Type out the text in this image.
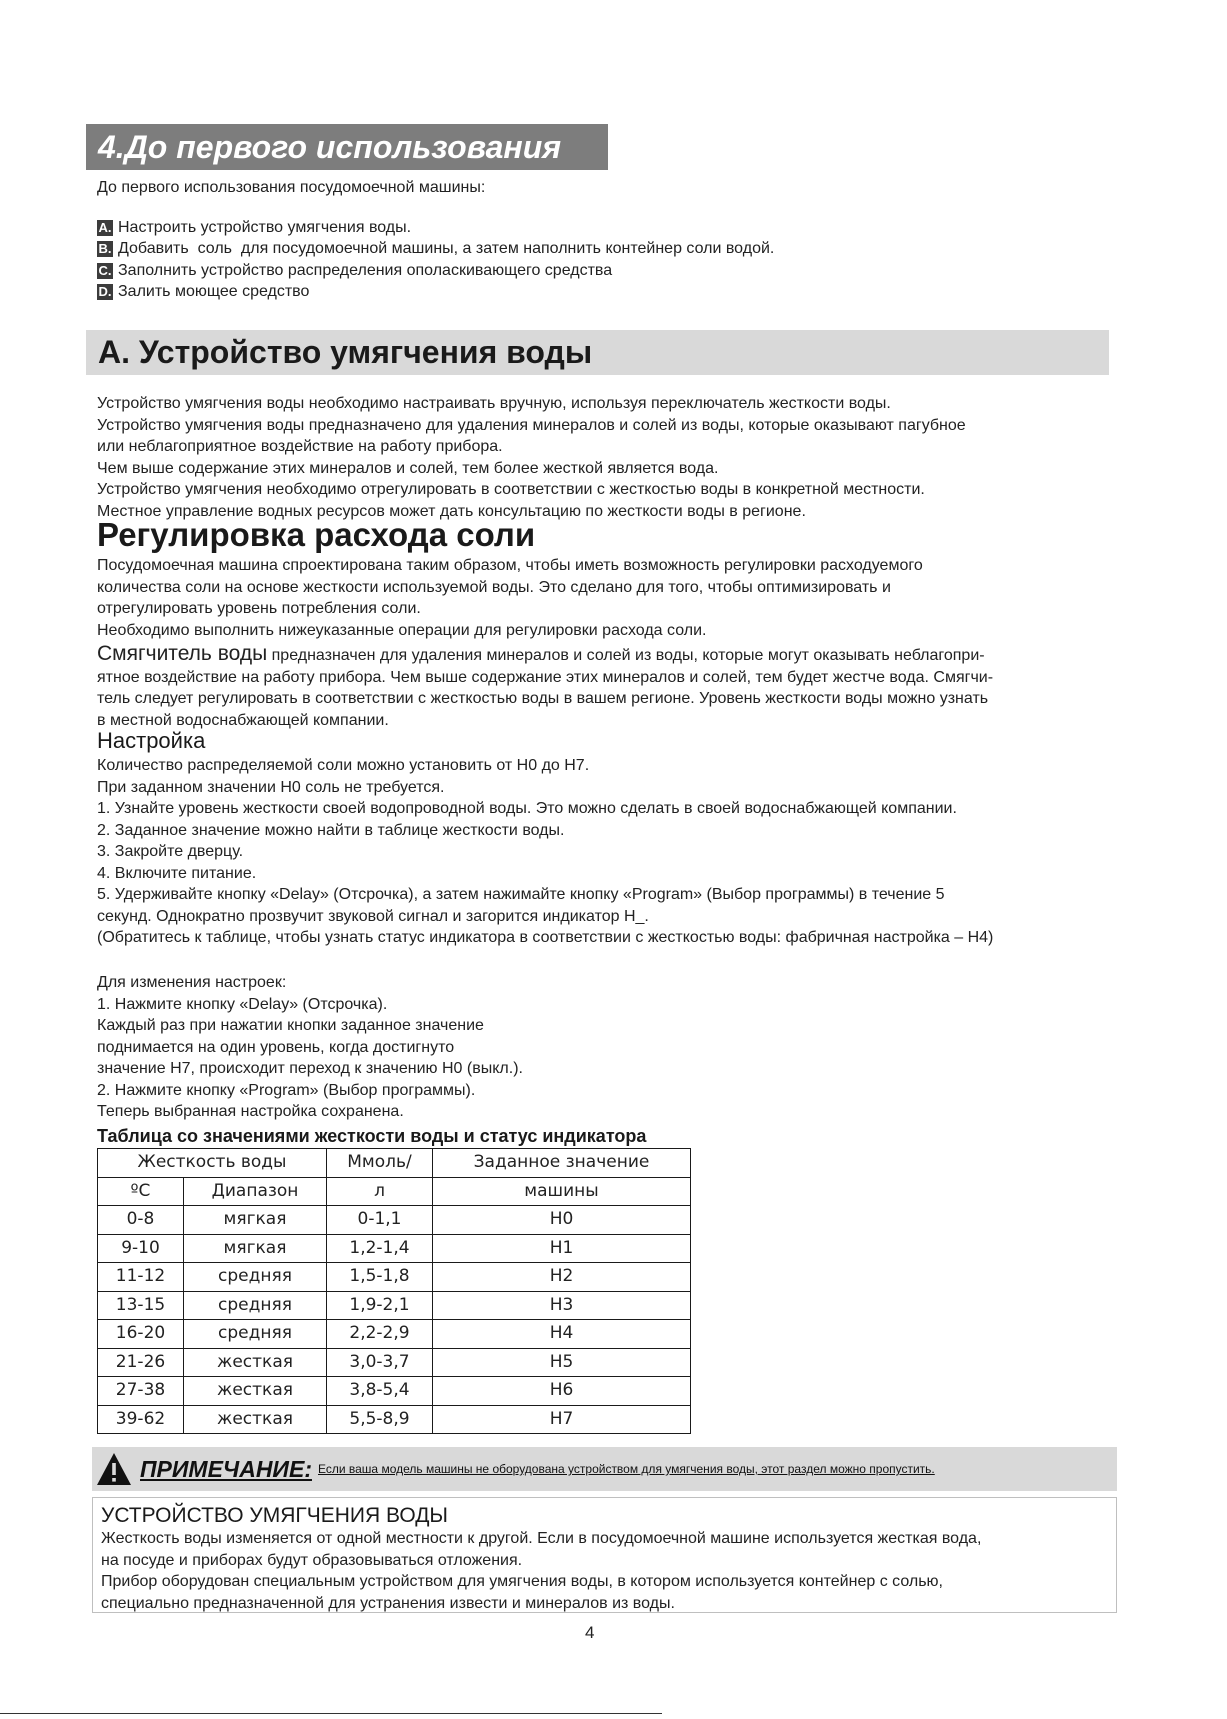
4.До первого использования
До первого использования посудомоечной машины:
A. Настроить устройство умягчения воды.
B. Добавить  соль  для посудомоечной машины, а затем наполнить контейнер соли водой.
C. Заполнить устройство распределения ополаскивающего средства
D. Залить моющее средство
А. Устройство умягчения воды

Устройство умягчения воды необходимо настраивать вручную, используя переключатель жесткости воды.

Устройство умягчения воды предназначено для удаления минералов и солей из воды, которые оказывают пагубное

или неблагоприятное воздействие на работу прибора.

Чем выше содержание этих минералов и солей, тем более жесткой является вода.

Устройство умягчения необходимо отрегулировать в соответствии с жесткостью воды в конкретной местности.

Местное управление водных ресурсов может дать консультацию по жесткости воды в регионе.

Регулировка расхода соли

Посудомоечная машина спроектирована таким образом, чтобы иметь возможность регулировки расходуемого

количества соли на основе жесткости используемой воды. Это сделано для того, чтобы оптимизировать и

отрегулировать уровень потребления соли.

Необходимо выполнить нижеуказанные операции для регулировки расхода соли.

Смягчитель воды предназначен для удаления минералов и солей из воды, которые могут оказывать неблагопри-

ятное воздействие на работу прибора. Чем выше содержание этих минералов и солей, тем будет жестче вода. Смягчи-

тель следует регулировать в соответствии с жесткостью воды в вашем регионе. Уровень жесткости воды можно узнать

в местной водоснабжающей компании.

Настройка

Количество распределяемой соли можно установить от H0 до H7.

При заданном значении H0 соль не требуется.

1. Узнайте уровень жесткости своей водопроводной воды. Это можно сделать в своей водоснабжающей компании.

2. Заданное значение можно найти в таблице жесткости воды.

3. Закройте дверцу.

4. Включите питание.

5. Удерживайте кнопку «Delay» (Отсрочка), а затем нажимайте кнопку «Program» (Выбор программы) в течение 5

секунд. Однократно прозвучит звуковой сигнал и загорится индикатор H_.

(Обратитесь к таблице, чтобы узнать статус индикатора в соответствии с жесткостью воды: фабричная настройка – H4)

Для изменения настроек:

1. Нажмите кнопку «Delay» (Отсрочка).

Каждый раз при нажатии кнопки заданное значение

поднимается на один уровень, когда достигнуто

значение H7, происходит переход к значению H0 (выкл.).

2. Нажмите кнопку «Program» (Выбор программы).

Теперь выбранная настройка сохранена.

Таблица со значениями жесткости воды и статус индикатора
Жесткость воды		Ммоль/	Заданное значение
ºС	Диапазон	л	машины
0-8	мягкая	0-1,1	H0
9-10	мягкая	1,2-1,4	H1
11-12	средняя	1,5-1,8	H2
13-15	средняя	1,9-2,1	H3
16-20	средняя	2,2-2,9	H4
21-26	жесткая	3,0-3,7	H5
27-38	жесткая	3,8-5,4	H6
39-62	жесткая	5,5-8,9	H7
ПРИМЕЧАНИЕ: Если ваша модель машины не оборудована устройством для умягчения воды, этот раздел можно пропустить.
УСТРОЙСТВО УМЯГЧЕНИЯ ВОДЫ

Жесткость воды изменяется от одной местности к другой. Если в посудомоечной машине используется жесткая вода,

на посуде и приборах будут образовываться отложения.

Прибор оборудован специальным устройством для умягчения воды, в котором используется контейнер с солью,

специально предназначенной для устранения извести и минералов из воды.

4
